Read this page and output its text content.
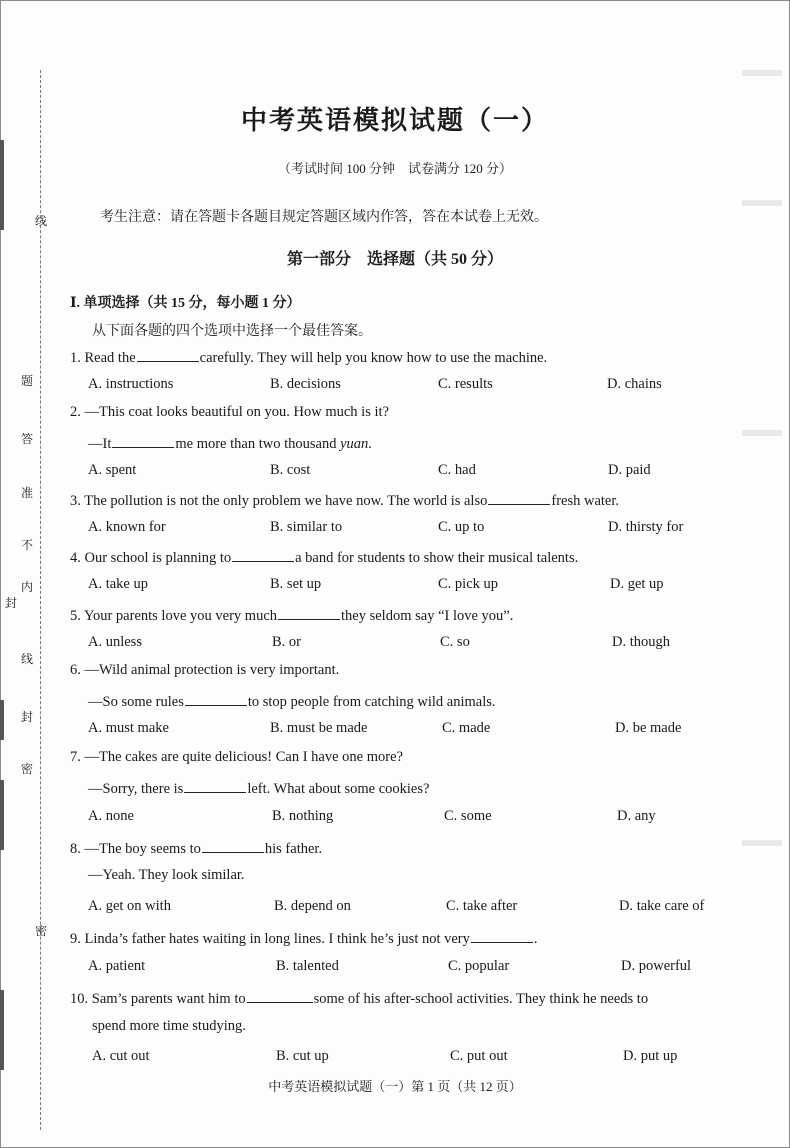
线
题
答
准
不
内
封
线
封
密
密
中考英语模拟试题（一）
（考试时间 100 分钟　试卷满分 120 分）
考生注意：请在答题卡各题目规定答题区域内作答，答在本试卷上无效。
第一部分　选择题（共 50 分）
Ⅰ. 单项选择（共 15 分，每小题 1 分）
从下面各题的四个选项中选择一个最佳答案。
1. Read the	carefully. They will help you know how to use the machine.
A. instructions	B. decisions	C. results	D. chains
2. —This coat looks beautiful on you. How much is it?
—It	me more than two thousand yuan.
A. spent	B. cost	C. had	D. paid
3. The pollution is not the only problem we have now. The world is also	fresh water.
A. known for	B. similar to	C. up to	D. thirsty for
4. Our school is planning to	a band for students to show their musical talents.
A. take up	B. set up	C. pick up	D. get up
5. Your parents love you very much	they seldom say “I love you”.
A. unless	B. or	C. so	D. though
6. —Wild animal protection is very important.
—So some rules	to stop people from catching wild animals.
A. must make	B. must be made	C. made	D. be made
7. —The cakes are quite delicious! Can I have one more?
—Sorry, there is	left. What about some cookies?
A. none	B. nothing	C. some	D. any
8. —The boy seems to	his father.
—Yeah. They look similar.
A. get on with	B. depend on	C. take after	D. take care of
9. Linda’s father hates waiting in long lines. I think he’s just not very	.
A. patient	B. talented	C. popular	D. powerful
10. Sam’s parents want him to	some of his after-school activities. They think he needs to
spend more time studying.
A. cut out	B. cut up	C. put out	D. put up
中考英语模拟试题（一）第 1 页（共 12 页）
